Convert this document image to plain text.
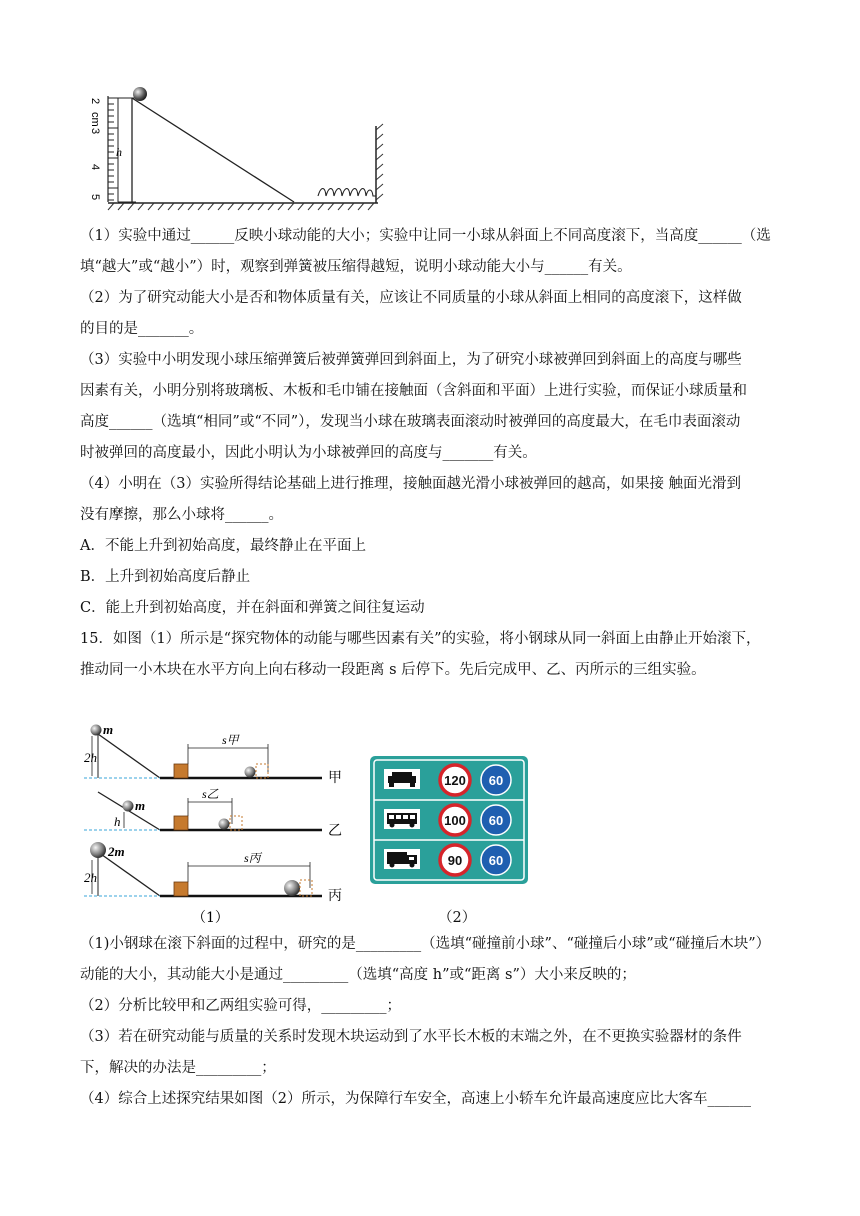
2
cm
3
4
5
h

（1）实验中通过______反映小球动能的大小；实验中让同一小球从斜面上不同高度滚下，当高度______（选

填“越大”或“越小”）时，观察到弹簧被压缩得越短，说明小球动能大小与______有关。

（2）为了研究动能大小是否和物体质量有关，应该让不同质量的小球从斜面上相同的高度滚下，这样做

的目的是_______。

（3）实验中小明发现小球压缩弹簧后被弹簧弹回到斜面上，为了研究小球被弹回到斜面上的高度与哪些

因素有关，小明分别将玻璃板、木板和毛巾铺在接触面（含斜面和平面）上进行实验，而保证小球质量和

高度______（选填“相同”或“不同”），发现当小球在玻璃表面滚动时被弹回的高度最大，在毛巾表面滚动

时被弹回的高度最小，因此小明认为小球被弹回的高度与_______有关。

（4）小明在（3）实验所得结论基础上进行推理，接触面越光滑小球被弹回的越高，如果接 触面光滑到

没有摩擦，那么小球将______。

A．不能上升到初始高度，最终静止在平面上

B．上升到初始高度后静止

C．能上升到初始高度，并在斜面和弹簧之间往复运动

15．如图（1）所示是“探究物体的动能与哪些因素有关”的实验，将小钢球从同一斜面上由静止开始滚下，

推动同一小木块在水平方向上向右移动一段距离 s 后停下。先后完成甲、乙、丙所示的三组实验。

m
2h
s甲
甲
m
h
s乙
乙
2m
2h
s丙
丙
（1）
120 60
100 60
90 60
（2）

（1)小钢球在滚下斜面的过程中，研究的是_________（选填“碰撞前小球”、“碰撞后小球”或“碰撞后木块”）

动能的大小，其动能大小是通过_________（选填“高度 h”或“距离 s”）大小来反映的；

（2）分析比较甲和乙两组实验可得，_________；

（3）若在研究动能与质量的关系时发现木块运动到了水平长木板的末端之外，在不更换实验器材的条件

下，解决的办法是_________；

（4）综合上述探究结果如图（2）所示，为保障行车安全，高速上小轿车允许最高速度应比大客车______
